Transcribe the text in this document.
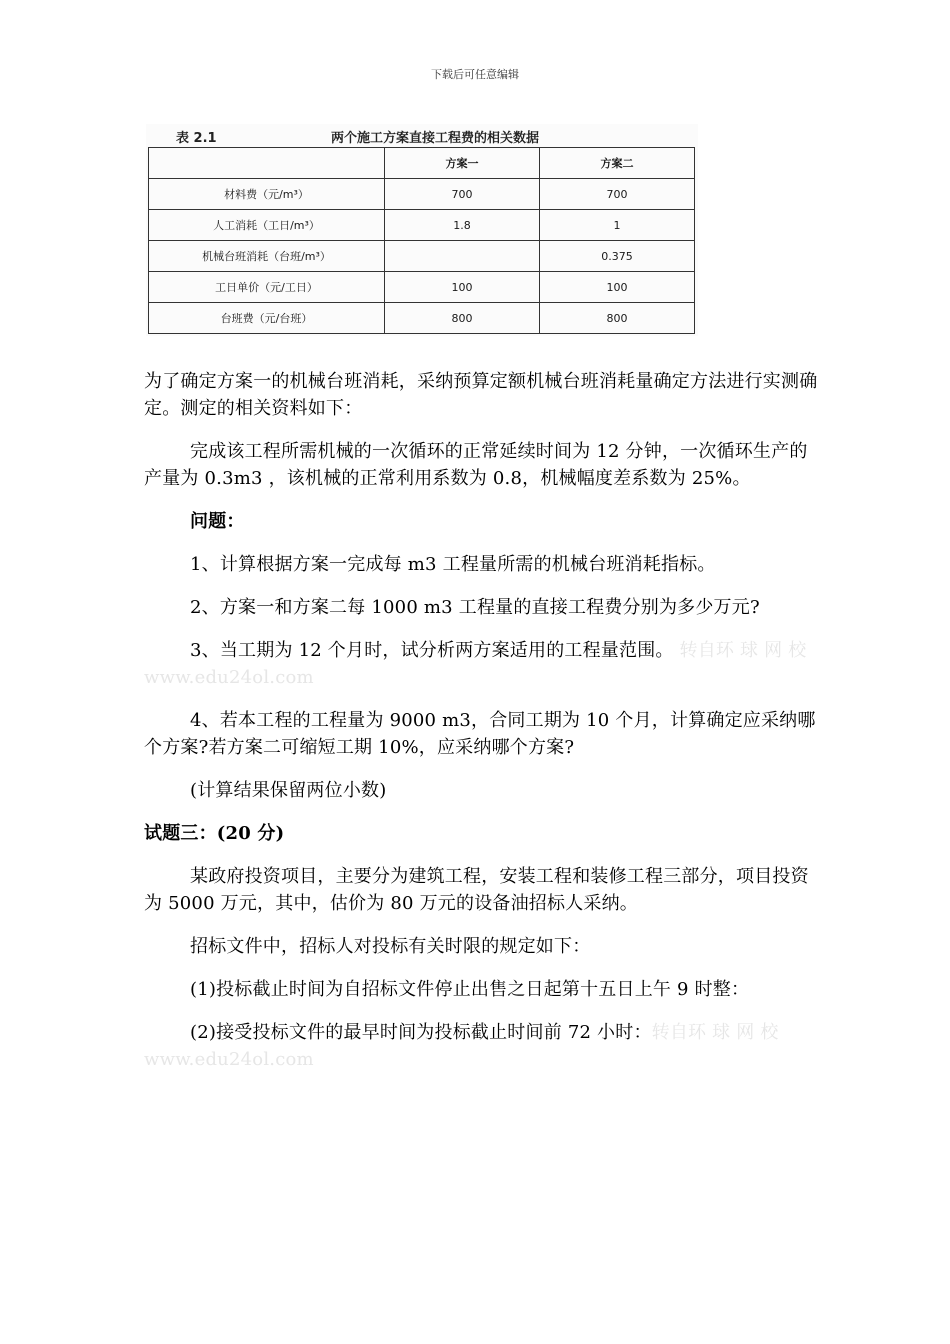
下载后可任意编辑
表 2.1	两个施工方案直接工程费的相关数据
	方案一	方案二
材料费（元/m³）	700	700
人工消耗（工日/m³）	1.8	1
机械台班消耗（台班/m³）		0.375
工日单价（元/工日）	100	100
台班费（元/台班）	800	800

为了确定方案一的机械台班消耗，采纳预算定额机械台班消耗量确定方法进行实测确定。测定的相关资料如下：

完成该工程所需机械的一次循环的正常延续时间为 12 分钟，一次循环生产的产量为 0.3m3 ，该机械的正常利用系数为 0.8，机械幅度差系数为 25%。

问题：

1、计算根据方案一完成每 m3 工程量所需的机械台班消耗指标。

2、方案一和方案二每 1000 m3 工程量的直接工程费分别为多少万元?

3、当工期为 12 个月时，试分析两方案适用的工程量范围。 转自环 球 网 校 www.edu24ol.com

4、若本工程的工程量为 9000 m3，合同工期为 10 个月，计算确定应采纳哪个方案?若方案二可缩短工期 10%，应采纳哪个方案?

(计算结果保留两位小数)

试题三：(20 分)

某政府投资项目，主要分为建筑工程，安装工程和装修工程三部分，项目投资为 5000 万元，其中，估价为 80 万元的设备油招标人采纳。

招标文件中，招标人对投标有关时限的规定如下：

(1)投标截止时间为自招标文件停止出售之日起第十五日上午 9 时整：

(2)接受投标文件的最早时间为投标截止时间前 72 小时：转自环 球 网 校 www.edu24ol.com
